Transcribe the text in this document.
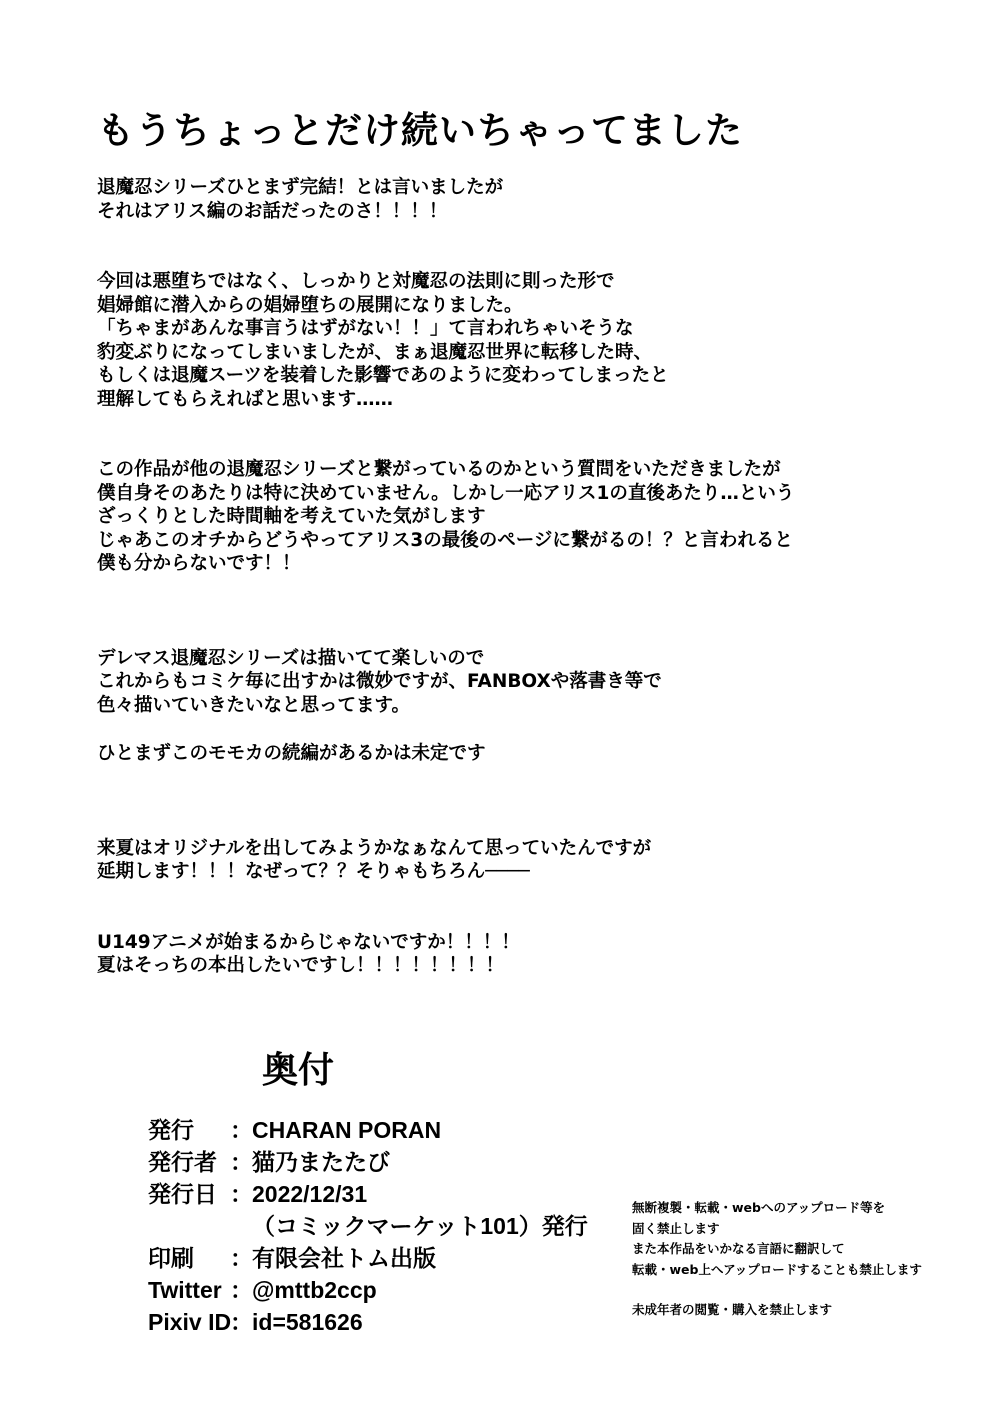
もうちょっとだけ続いちゃってました

退魔忍シリーズひとまず完結！とは言いましたが
それはアリス編のお話だったのさ！！！！

今回は悪堕ちではなく、しっかりと対魔忍の法則に則った形で
娼婦館に潜入からの娼婦堕ちの展開になりました。
「ちゃまがあんな事言うはずがない！！」て言われちゃいそうな
豹変ぶりになってしまいましたが、まぁ退魔忍世界に転移した時、
もしくは退魔スーツを装着した影響であのように変わってしまったと
理解してもらえればと思います……

この作品が他の退魔忍シリーズと繋がっているのかという質問をいただきましたが
僕自身そのあたりは特に決めていません。しかし一応アリス1の直後あたり…という
ざっくりとした時間軸を考えていた気がします
じゃあこのオチからどうやってアリス3の最後のページに繋がるの！？と言われると
僕も分からないです！！

デレマス退魔忍シリーズは描いてて楽しいので
これからもコミケ毎に出すかは微妙ですが、FANBOXや落書き等で
色々描いていきたいなと思ってます。

ひとまずこのモモカの続編があるかは未定です

来夏はオリジナルを出してみようかなぁなんて思っていたんですが
延期します！！！なぜって？？そりゃもちろん────

U149アニメが始まるからじゃないですか！！！！
夏はそっちの本出したいですし！！！！！！！！

奥付
発行	： CHARAN PORAN
発行者 ： 猫乃またたび
発行日 ： 2022/12/31
（コミックマーケット101）発行
印刷	： 有限会社トム出版
Twitter ： @mttb2ccp
Pixiv ID
： id=581626
無断複製・転載・webへのアップロード等を
固く禁止します
また本作品をいかなる言語に翻訳して
転載・web上へアップロードすることも禁止します
未成年者の閲覧・購入を禁止します
